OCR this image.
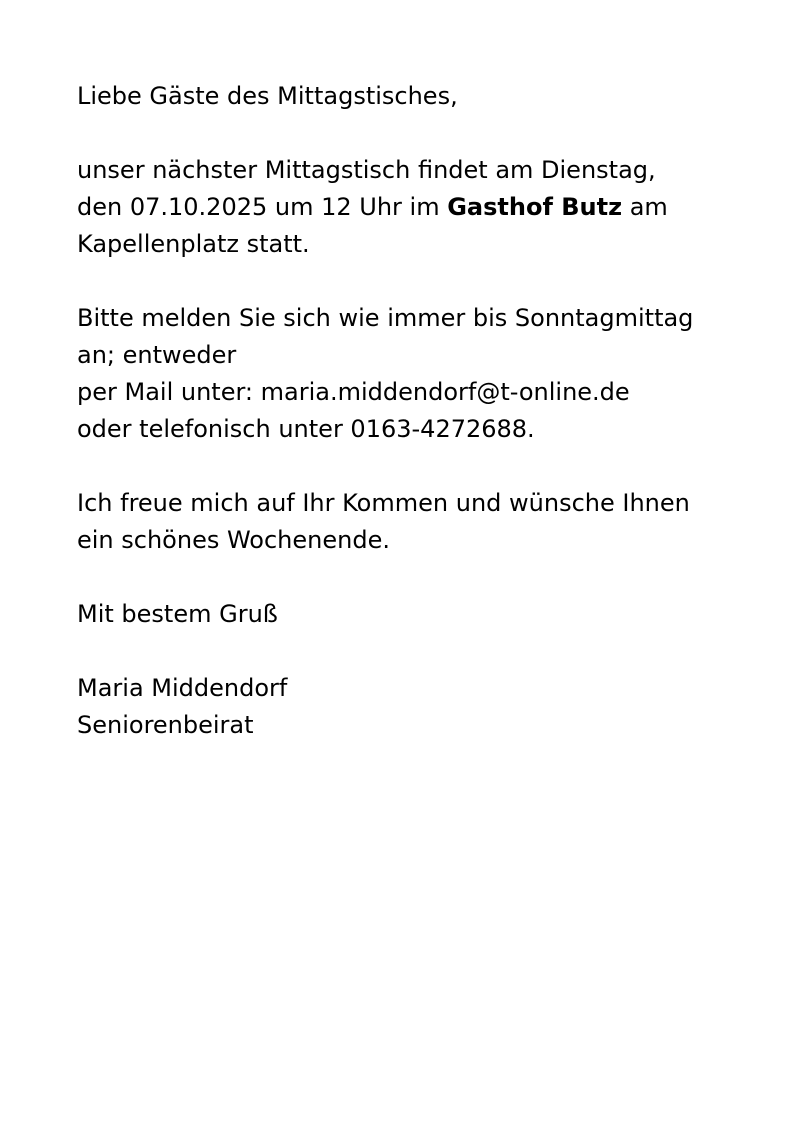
Liebe Gäste des Mittagstisches,
unser nächster Mittagstisch findet am Dienstag,
den 07.10.2025 um 12 Uhr im Gasthof Butz am
Kapellenplatz statt.
Bitte melden Sie sich wie immer bis Sonntagmittag
an; entweder
per Mail unter: maria.middendorf@t-online.de
oder telefonisch unter 0163-4272688.
Ich freue mich auf Ihr Kommen und wünsche Ihnen
ein schönes Wochenende.
Mit bestem Gruß
Maria Middendorf
Seniorenbeirat
